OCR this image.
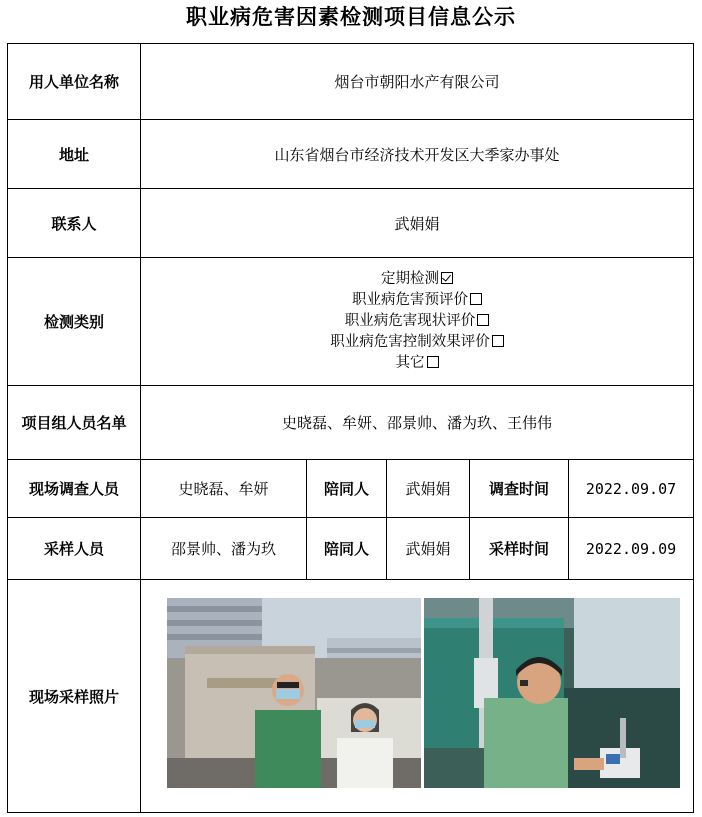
职业病危害因素检测项目信息公示
用人单位名称	烟台市朝阳水产有限公司				
地址	山东省烟台市经济技术开发区大季家办事处				
联系人	武娟娟				
检测类别	定期检测
职业病危害预评价
职业病危害现状评价
职业病危害控制效果评价
其它				

项目组人员名单	史晓磊、牟妍、邵景帅、潘为玖、王伟伟				
现场调查人员	史晓磊、牟妍	陪同人	武娟娟	调查时间	2022.09.07
采样人员	邵景帅、潘为玖	陪同人	武娟娟	采样时间	2022.09.09
现场采样照片	
